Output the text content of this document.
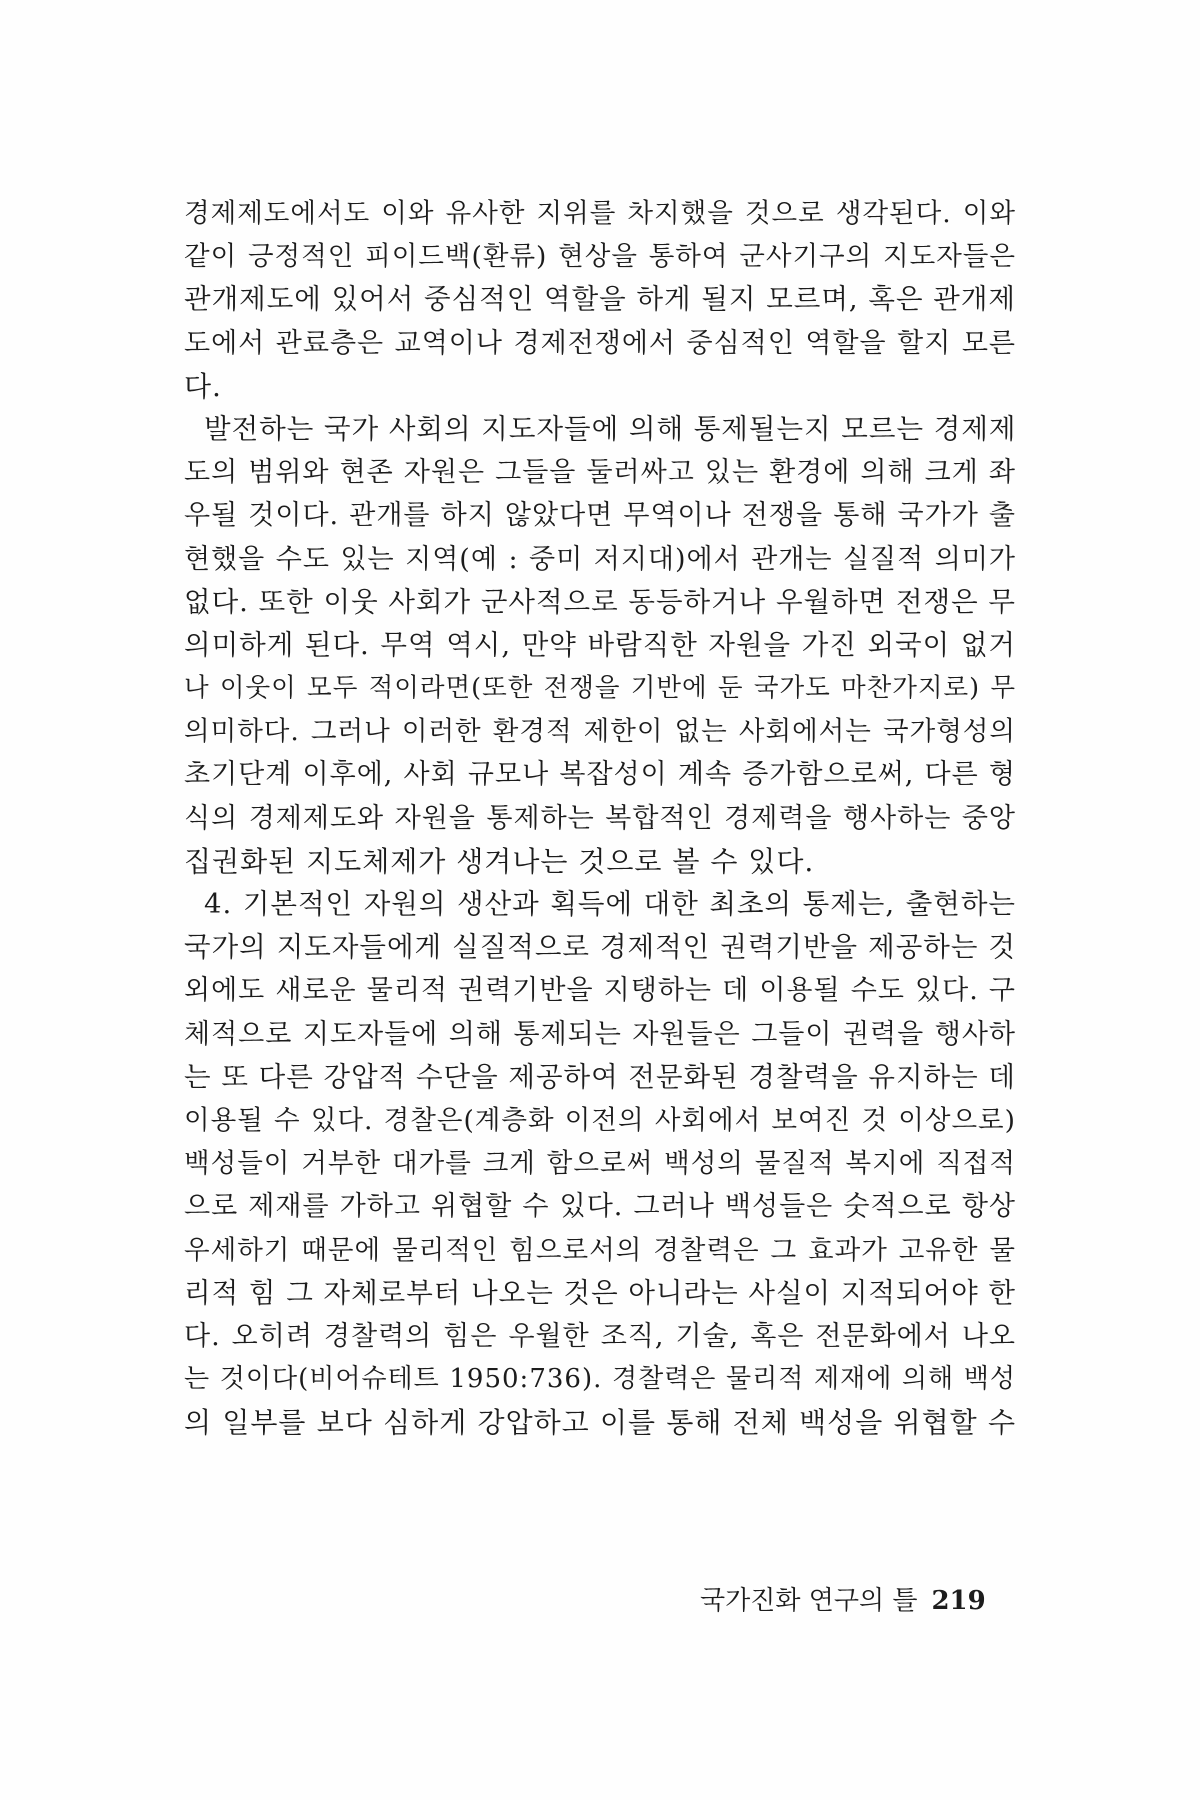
경제제도에서도 이와 유사한 지위를 차지했을 것으로 생각된다. 이와
같이 긍정적인 피이드백(환류) 현상을 통하여 군사기구의 지도자들은
관개제도에 있어서 중심적인 역할을 하게 될지 모르며, 혹은 관개제
도에서 관료층은 교역이나 경제전쟁에서 중심적인 역할을 할지 모른
다.
발전하는 국가 사회의 지도자들에 의해 통제될는지 모르는 경제제
도의 범위와 현존 자원은 그들을 둘러싸고 있는 환경에 의해 크게 좌
우될 것이다. 관개를 하지 않았다면 무역이나 전쟁을 통해 국가가 출
현했을 수도 있는 지역(예 : 중미 저지대)에서 관개는 실질적 의미가
없다. 또한 이웃 사회가 군사적으로 동등하거나 우월하면 전쟁은 무
의미하게 된다. 무역 역시, 만약 바람직한 자원을 가진 외국이 없거
나 이웃이 모두 적이라면(또한 전쟁을 기반에 둔 국가도 마찬가지로) 무
의미하다. 그러나 이러한 환경적 제한이 없는 사회에서는 국가형성의
초기단계 이후에, 사회 규모나 복잡성이 계속 증가함으로써, 다른 형
식의 경제제도와 자원을 통제하는 복합적인 경제력을 행사하는 중앙
집권화된 지도체제가 생겨나는 것으로 볼 수 있다.
4. 기본적인 자원의 생산과 획득에 대한 최초의 통제는, 출현하는
국가의 지도자들에게 실질적으로 경제적인 권력기반을 제공하는 것
외에도 새로운 물리적 권력기반을 지탱하는 데 이용될 수도 있다. 구
체적으로 지도자들에 의해 통제되는 자원들은 그들이 권력을 행사하
는 또 다른 강압적 수단을 제공하여 전문화된 경찰력을 유지하는 데
이용될 수 있다. 경찰은(계층화 이전의 사회에서 보여진 것 이상으로)
백성들이 거부한 대가를 크게 함으로써 백성의 물질적 복지에 직접적
으로 제재를 가하고 위협할 수 있다. 그러나 백성들은 숫적으로 항상
우세하기 때문에 물리적인 힘으로서의 경찰력은 그 효과가 고유한 물
리적 힘 그 자체로부터 나오는 것은 아니라는 사실이 지적되어야 한
다. 오히려 경찰력의 힘은 우월한 조직, 기술, 혹은 전문화에서 나오
는 것이다(비어슈테트 1950:736). 경찰력은 물리적 제재에 의해 백성
의 일부를 보다 심하게 강압하고 이를 통해 전체 백성을 위협할 수
국가진화 연구의 틀 219
